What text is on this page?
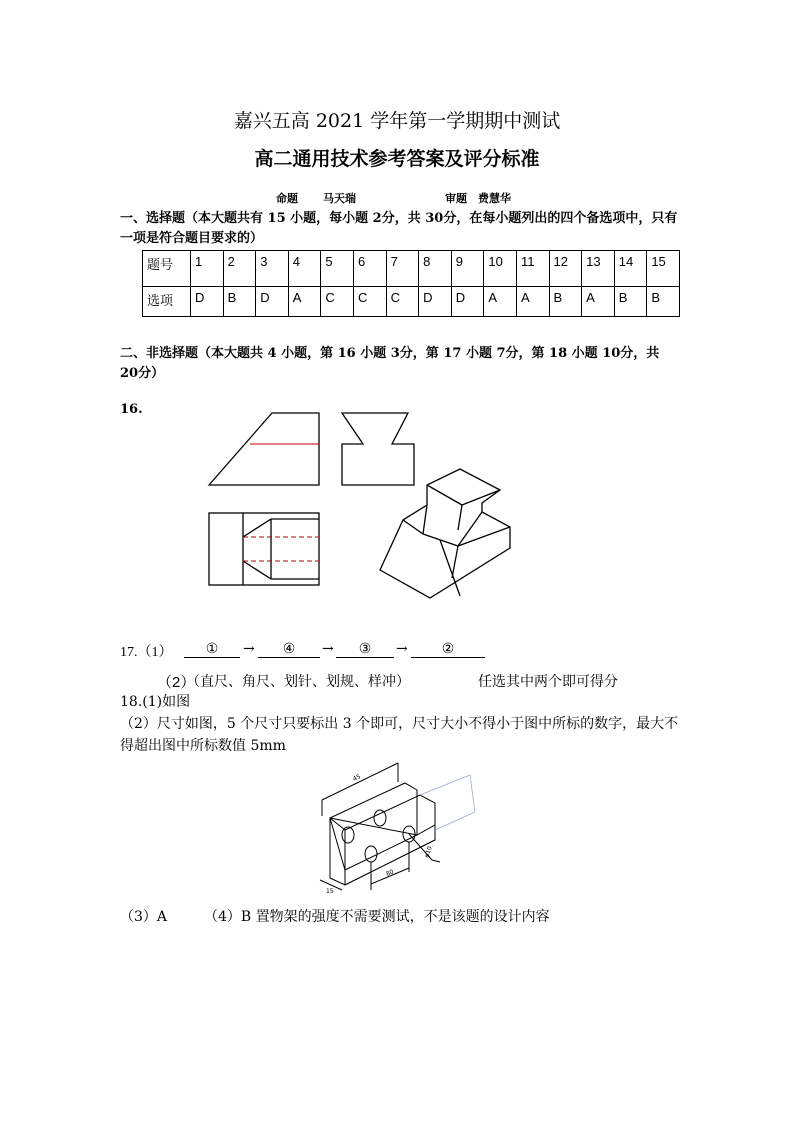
嘉兴五高 2021 学年第一学期期中测试
高二通用技术参考答案及评分标准
命题 马天瑞	审题 费慧华
一、选择题（本大题共有 15 小题，每小题 2分，共 30分，在每小题列出的四个备选项中，只有一项是符合题目要求的）
题号	1	2	3	4	5	6	7	8	9	10	11	12	13	14	15
选项	D	B	D	A	C	C	C	D	D	A	A	B	A	B	B
二、非选择题（本大题共 4 小题，第 16 小题 3分，第 17 小题 7分，第 18 小题 10分，共 20分）
16.
17.（1）	①	→	④	→	③	→	②
（2）
（直尺、角尺、划针、划规、样冲）	任选其中两个即可得分
18.(1)如图
（2）尺寸如图，5 个尺寸只要标出 3 个即可，尺寸大小不得小于图中所标的数字，最大不得超出图中所标数值 5mm
45
φ10
80
15
（3）A	（4）B 置物架的强度不需要测试，不是该题的设计内容
